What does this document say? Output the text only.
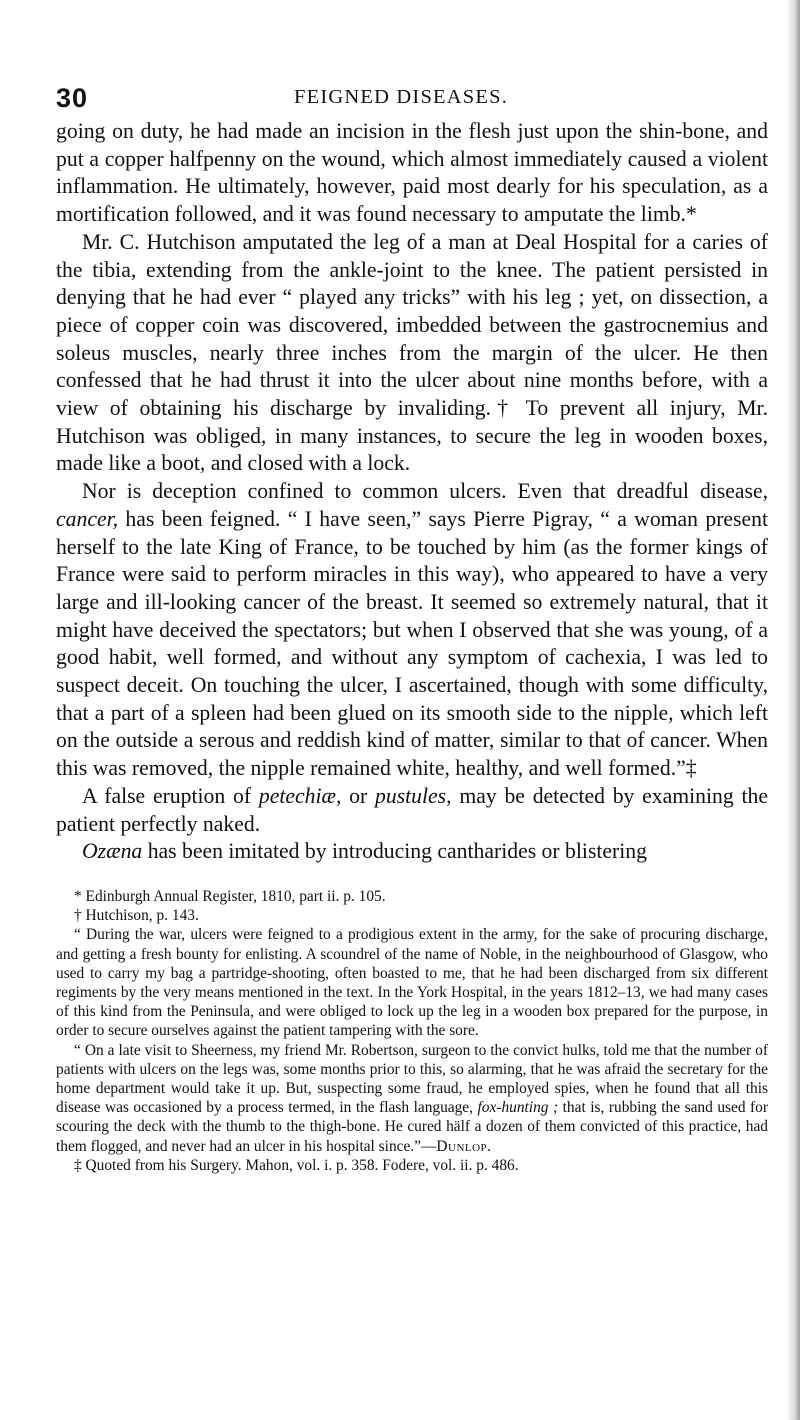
30	FEIGNED DISEASES.

going on duty, he had made an incision in the flesh just upon the shin-bone, and put a copper halfpenny on the wound, which almost immediately caused a violent inflammation. He ultimately, however, paid most dearly for his speculation, as a mortification followed, and it was found necessary to amputate the limb.*

Mr. C. Hutchison amputated the leg of a man at Deal Hospital for a caries of the tibia, extending from the ankle-joint to the knee. The patient persisted in denying that he had ever “ played any tricks” with his leg ; yet, on dissection, a piece of copper coin was discovered, imbedded between the gastrocnemius and soleus muscles, nearly three inches from the margin of the ulcer. He then confessed that he had thrust it into the ulcer about nine months before, with a view of obtaining his discharge by invaliding.† To prevent all injury, Mr. Hutchison was obliged, in many instances, to secure the leg in wooden boxes, made like a boot, and closed with a lock.

Nor is deception confined to common ulcers. Even that dreadful disease, cancer, has been feigned. “ I have seen,” says Pierre Pigray, “ a woman present herself to the late King of France, to be touched by him (as the former kings of France were said to perform miracles in this way), who appeared to have a very large and ill-looking cancer of the breast. It seemed so extremely natural, that it might have deceived the spectators; but when I observed that she was young, of a good habit, well formed, and without any symptom of cachexia, I was led to suspect deceit. On touching the ulcer, I ascertained, though with some difficulty, that a part of a spleen had been glued on its smooth side to the nipple, which left on the outside a serous and reddish kind of matter, similar to that of cancer. When this was removed, the nipple remained white, healthy, and well formed.”‡

A false eruption of petechiæ, or pustules, may be detected by examining the patient perfectly naked.

Ozæna has been imitated by introducing cantharides or blistering

* Edinburgh Annual Register, 1810, part ii. p. 105.

† Hutchison, p. 143.

“ During the war, ulcers were feigned to a prodigious extent in the army, for the sake of procuring discharge, and getting a fresh bounty for enlisting. A scoundrel of the name of Noble, in the neighbourhood of Glasgow, who used to carry my bag a partridge-shooting, often boasted to me, that he had been discharged from six different regiments by the very means mentioned in the text. In the York Hospital, in the years 1812–13, we had many cases of this kind from the Peninsula, and were obliged to lock up the leg in a wooden box prepared for the purpose, in order to secure ourselves against the patient tampering with the sore.

“ On a late visit to Sheerness, my friend Mr. Robertson, surgeon to the convict hulks, told me that the number of patients with ulcers on the legs was, some months prior to this, so alarming, that he was afraid the secretary for the home department would take it up. But, suspecting some fraud, he employed spies, when he found that all this disease was occasioned by a process termed, in the flash language, fox-hunting ; that is, rubbing the sand used for scouring the deck with the thumb to the thigh-bone. He cured hälf a dozen of them convicted of this practice, had them flogged, and never had an ulcer in his hospital since.”—Dunlop.

‡ Quoted from his Surgery. Mahon, vol. i. p. 358. Fodere, vol. ii. p. 486.
